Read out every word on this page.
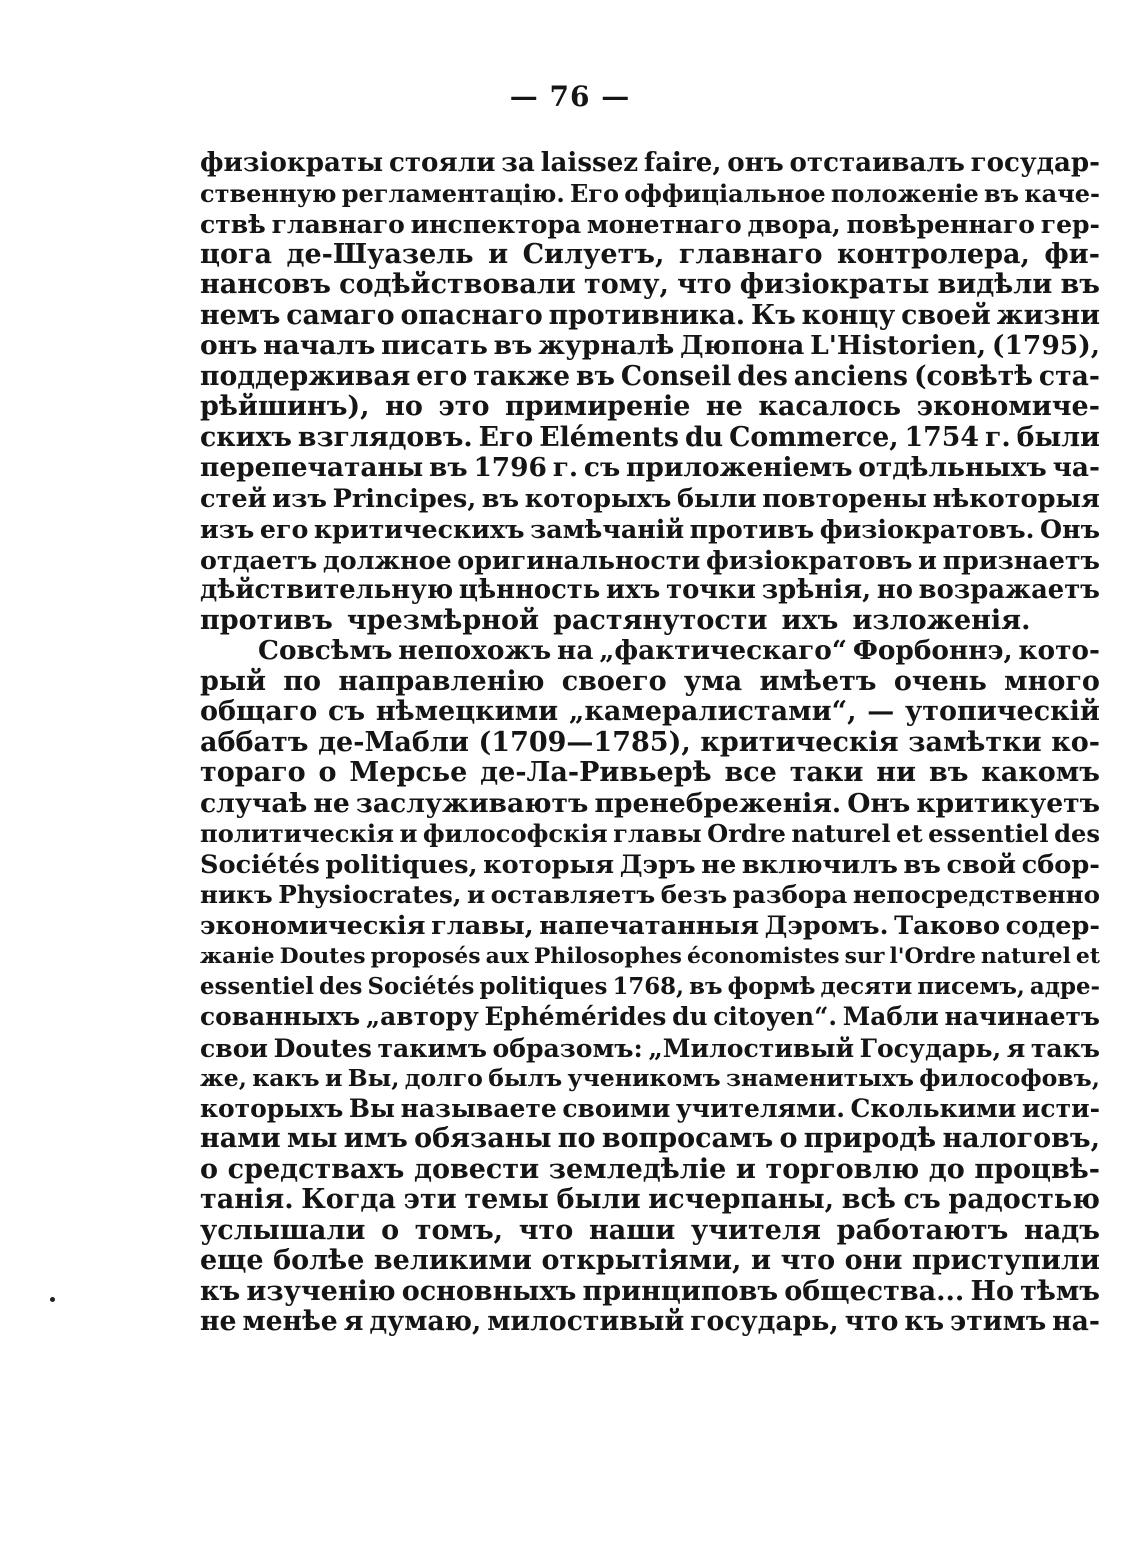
— 76 —
физіократы стояли за laissez faire, онъ отстаивалъ государ-
ственную регламентацію. Его оффиціальное положеніе въ каче-
ствѣ главнаго инспектора монетнаго двора, повѣреннаго гер-
цога де-Шуазель и Силуетъ, главнаго контролера, фи-
нансовъ содѣйствовали тому, что физіократы видѣли въ
немъ самаго опаснаго противника. Къ концу своей жизни
онъ началъ писать въ журналѣ Дюпона L'Historien, (1795),
поддерживая его также въ Conseil des anciens (совѣтѣ ста-
рѣйшинъ), но это примиреніе не касалось экономиче-
скихъ взглядовъ. Его Eléments du Commerce, 1754 г. были
перепечатаны въ 1796 г. съ приложеніемъ отдѣльныхъ ча-
стей изъ Principes, въ которыхъ были повторены нѣкоторыя
изъ его критическихъ замѣчаній противъ физіократовъ. Онъ
отдаетъ должное оригинальности физіократовъ и признаетъ
дѣйствительную цѣнность ихъ точки зрѣнія, но возражаетъ
противъ чрезмѣрной растянутости ихъ изложенія.
Совсѣмъ непохожъ на „фактическаго“ Форбоннэ, кото-
рый по направленію своего ума имѣетъ очень много
общаго съ нѣмецкими „камералистами“, — утопическій
аббатъ де-Мабли (1709—1785), критическія замѣтки ко-
тораго о Мерсье де-Ла-Ривьерѣ все таки ни въ какомъ
случаѣ не заслуживаютъ пренебреженія. Онъ критикуетъ
политическія и философскія главы Ordre naturel et essentiel des
Sociétés politiques, которыя Дэръ не включилъ въ свой сбор-
никъ Physiocrates, и оставляетъ безъ разбора непосредственно
экономическія главы, напечатанныя Дэромъ. Таково содер-
жаніе Doutes proposés aux Philosophes économistes sur l'Ordre naturel et
essentiel des Sociétés politiques 1768, въ формѣ десяти писемъ, адре-
сованныхъ „автору Ephémérides du citoyen“. Мабли начинаетъ
свои Doutes такимъ образомъ: „Милостивый Государь, я такъ
же, какъ и Вы, долго былъ ученикомъ знаменитыхъ философовъ,
которыхъ Вы называете своими учителями. Сколькими исти-
нами мы имъ обязаны по вопросамъ о природѣ налоговъ,
о средствахъ довести земледѣліе и торговлю до процвѣ-
танія. Когда эти темы были исчерпаны, всѣ съ радостью
услышали о томъ, что наши учителя работаютъ надъ
еще болѣе великими открытіями, и что они приступили
къ изученію основныхъ принциповъ общества... Но тѣмъ
не менѣе я думаю, милостивый государь, что къ этимъ на-
